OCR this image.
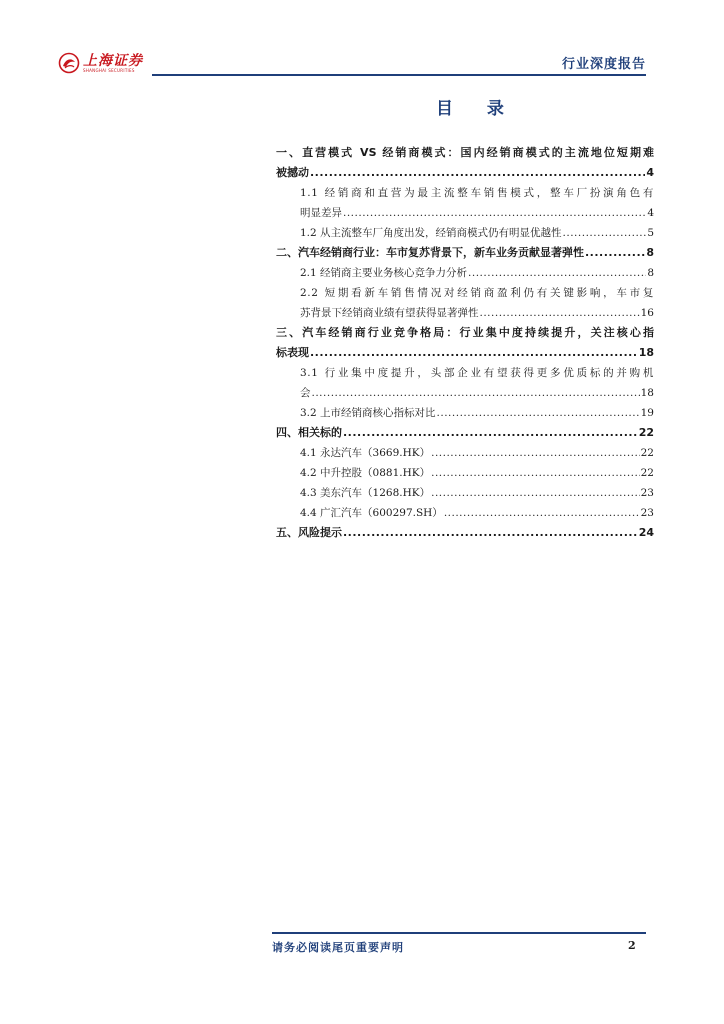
上海证券
SHANGHAI SECURITIES	行业深度报告
目 录
一、直营模式 VS 经销商模式：国内经销商模式的主流地位短期难
被撼动 .....	4
1.1 经销商和直营为最主流整车销售模式，整车厂扮演角色有
明显差异 .....	4
1.2 从主流整车厂角度出发，经销商模式仍有明显优越性 .....	5
二、汽车经销商行业：车市复苏背景下，新车业务贡献显著弹性 .....	8
2.1 经销商主要业务核心竞争力分析 .....	8
2.2 短期看新车销售情况对经销商盈利仍有关键影响，车市复
苏背景下经销商业绩有望获得显著弹性 .....	16
三、汽车经销商行业竞争格局：行业集中度持续提升，关注核心指
标表现 .....	18
3.1 行业集中度提升，头部企业有望获得更多优质标的并购机
会 .....	18
3.2 上市经销商核心指标对比 .....	19
四、相关标的 .....	22
4.1 永达汽车（3669.HK） .....	22
4.2 中升控股（0881.HK） .....	22
4.3 美东汽车（1268.HK） .....	23
4.4 广汇汽车（600297.SH） .....	23
五、风险提示 .....	24
请务必阅读尾页重要声明	2
